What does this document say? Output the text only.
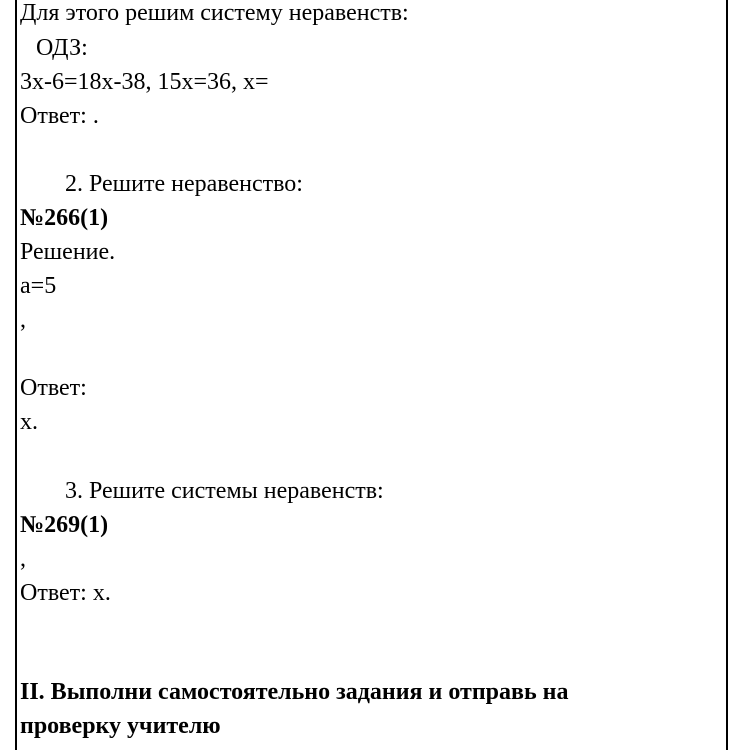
Для этого решим систему неравенств:
ОДЗ:
3х-6=18х-38, 15х=36, х=
Ответ: .
2. Решите неравенство:
№266(1)
Решение.
а=5
,
Ответ:
х.
3. Решите системы неравенств:
№269(1)
,
Ответ: х.
II. Выполни самостоятельно задания и отправь на
проверку учителю
